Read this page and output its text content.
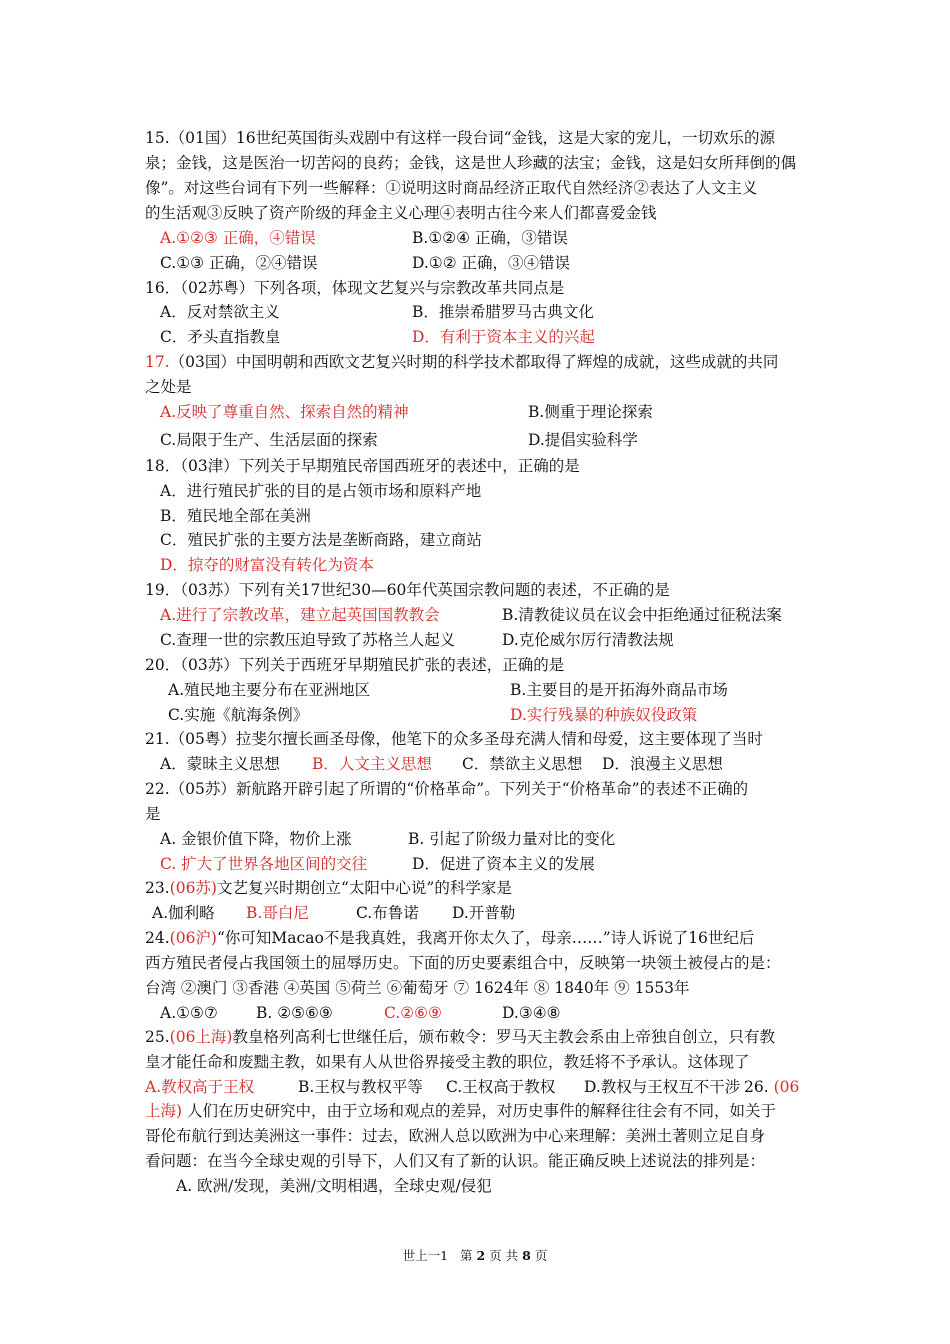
15.（01国）16世纪英国街头戏剧中有这样一段台词“金钱，这是大家的宠儿，一切欢乐的源
泉；金钱，这是医治一切苦闷的良药；金钱，这是世人珍藏的法宝；金钱，这是妇女所拜倒的偶
像”。对这些台词有下列一些解释：①说明这时商品经济正取代自然经济②表达了人文主义
的生活观③反映了资产阶级的拜金主义心理④表明古往今来人们都喜爱金钱
A.①②③ 正确，④错误	B.①②④ 正确，③错误
C.①③ 正确，②④错误	D.①② 正确，③④错误
16．（02苏粤）下列各项，体现文艺复兴与宗教改革共同点是
A．反对禁欲主义	B．推崇希腊罗马古典文化
C．矛头直指教皇	D．有利于资本主义的兴起
17.（03国）中国明朝和西欧文艺复兴时期的科学技术都取得了辉煌的成就，这些成就的共同
之处是
A.反映了尊重自然、探索自然的精神	B.侧重于理论探索
C.局限于生产、生活层面的探索	D.提倡实验科学
18．（03津）下列关于早期殖民帝国西班牙的表述中，正确的是
A．进行殖民扩张的目的是占领市场和原料产地
B．殖民地全部在美洲
C．殖民扩张的主要方法是垄断商路，建立商站
D．掠夺的财富没有转化为资本
19．（03苏）下列有关17世纪30—60年代英国宗教问题的表述，不正确的是
A.进行了宗教改革，建立起英国国教教会	B.清教徒议员在议会中拒绝通过征税法案
C.查理一世的宗教压迫导致了苏格兰人起义	D.克伦威尔厉行清教法规
20．（03苏）下列关于西班牙早期殖民扩张的表述，正确的是
A.殖民地主要分布在亚洲地区	B.主要目的是开拓海外商品市场
C.实施《航海条例》	D.实行残暴的种族奴役政策
21.（05粤）拉斐尔擅长画圣母像，他笔下的众多圣母充满人情和母爱，这主要体现了当时
A．蒙昧主义思想 B．人文主义思想 C．禁欲主义思想 D．浪漫主义思想
22.（05苏）新航路开辟引起了所谓的“价格革命”。下列关于“价格革命”的表述不正确的
是
A. 金银价值下降，物价上涨	B. 引起了阶级力量对比的变化
C. 扩大了世界各地区间的交往	D．促进了资本主义的发展
23.(06苏)文艺复兴时期创立“太阳中心说”的科学家是
A.伽利略 B.哥白尼	C.布鲁诺 D.开普勒
24.(06沪)“你可知Macao不是我真姓，我离开你太久了，母亲……”诗人诉说了16世纪后
西方殖民者侵占我国领土的屈辱历史。下面的历史要素组合中，反映第一块领土被侵占的是：
台湾 ②澳门 ③香港 ④英国 ⑤荷兰 ⑥葡萄牙 ⑦ 1624年 ⑧ 1840年 ⑨ 1553年
A.①⑤⑦ B. ②⑤⑥⑨	C.②⑥⑨	D.③④⑧
25.(06上海)教皇格列高利七世继任后，颁布敕令：罗马天主教会系由上帝独自创立，只有教
皇才能任命和废黜主教，如果有人从世俗界接受主教的职位，教廷将不予承认。这体现了
A.教权高于王权	B.王权与教权平等 C.王权高于教权 D.教权与王权互不干涉 26. (06
上海) 人们在历史研究中，由于立场和观点的差异，对历史事件的解释往往会有不同，如关于
哥伦布航行到达美洲这一事件：过去，欧洲人总以欧洲为中心来理解：美洲土著则立足自身
看问题：在当今全球史观的引导下，人们又有了新的认识。能正确反映上述说法的排列是：
A. 欧洲/发现，美洲/文明相遇，全球史观/侵犯
世上一1 第 2 页 共 8 页
